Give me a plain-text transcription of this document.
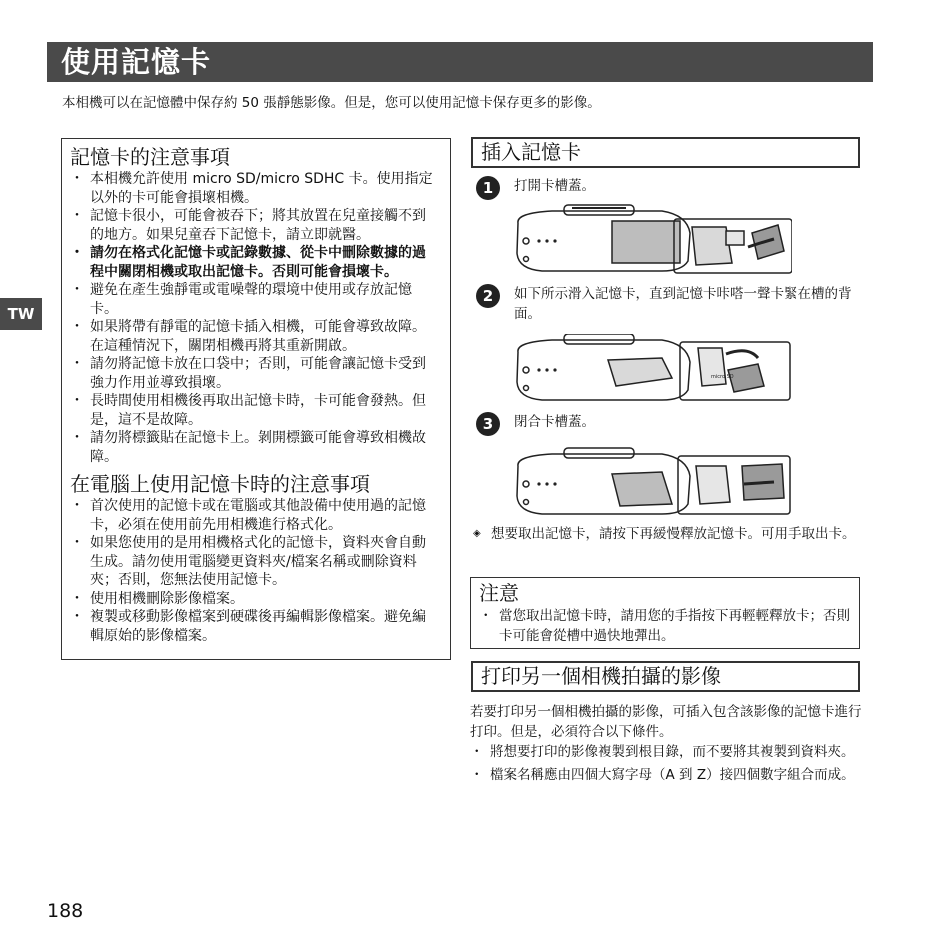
使用記憶卡

本相機可以在記憶體中保存約 50 張靜態影像。但是，您可以使用記憶卡保存更多的影像。

TW
記憶卡的注意事項
・ 本相機允許使用 micro SD/micro SDHC 卡。使用指定以外的卡可能會損壞相機。
・ 記憶卡很小，可能會被吞下；將其放置在兒童接觸不到的地方。如果兒童吞下記憶卡，請立即就醫。
・ 請勿在格式化記憶卡或記錄數據、從卡中刪除數據的過程中關閉相機或取出記憶卡。否則可能會損壞卡。
・ 避免在產生強靜電或電噪聲的環境中使用或存放記憶卡。
・ 如果將帶有靜電的記憶卡插入相機，可能會導致故障。在這種情況下，關閉相機再將其重新開啟。
・ 請勿將記憶卡放在口袋中；否則，可能會讓記憶卡受到強力作用並導致損壞。
・ 長時間使用相機後再取出記憶卡時，卡可能會發熱。但是，這不是故障。
・ 請勿將標籤貼在記憶卡上。剝開標籤可能會導致相機故障。
在電腦上使用記憶卡時的注意事項
・ 首次使用的記憶卡或在電腦或其他設備中使用過的記憶卡，必須在使用前先用相機進行格式化。
・ 如果您使用的是用相機格式化的記憶卡，資料夾會自動生成。請勿使用電腦變更資料夾/檔案名稱或刪除資料夾；否則，您無法使用記憶卡。
・ 使用相機刪除影像檔案。
・ 複製或移動影像檔案到硬碟後再編輯影像檔案。避免編輯原始的影像檔案。
插入記憶卡
1	打開卡槽蓋。
2	如下所示滑入記憶卡，直到記憶卡咔嗒一聲卡緊在槽的背面。
micro SD
3	閉合卡槽蓋。
◈ 想要取出記憶卡，請按下再緩慢釋放記憶卡。可用手取出卡。
注意
・ 當您取出記憶卡時，請用您的手指按下再輕輕釋放卡；否則卡可能會從槽中過快地彈出。
打印另一個相機拍攝的影像

若要打印另一個相機拍攝的影像，可插入包含該影像的記憶卡進行打印。但是，必須符合以下條件。

・ 將想要打印的影像複製到根目錄，而不要將其複製到資料夾。
・ 檔案名稱應由四個大寫字母（A 到 Z）接四個數字組合而成。
188
